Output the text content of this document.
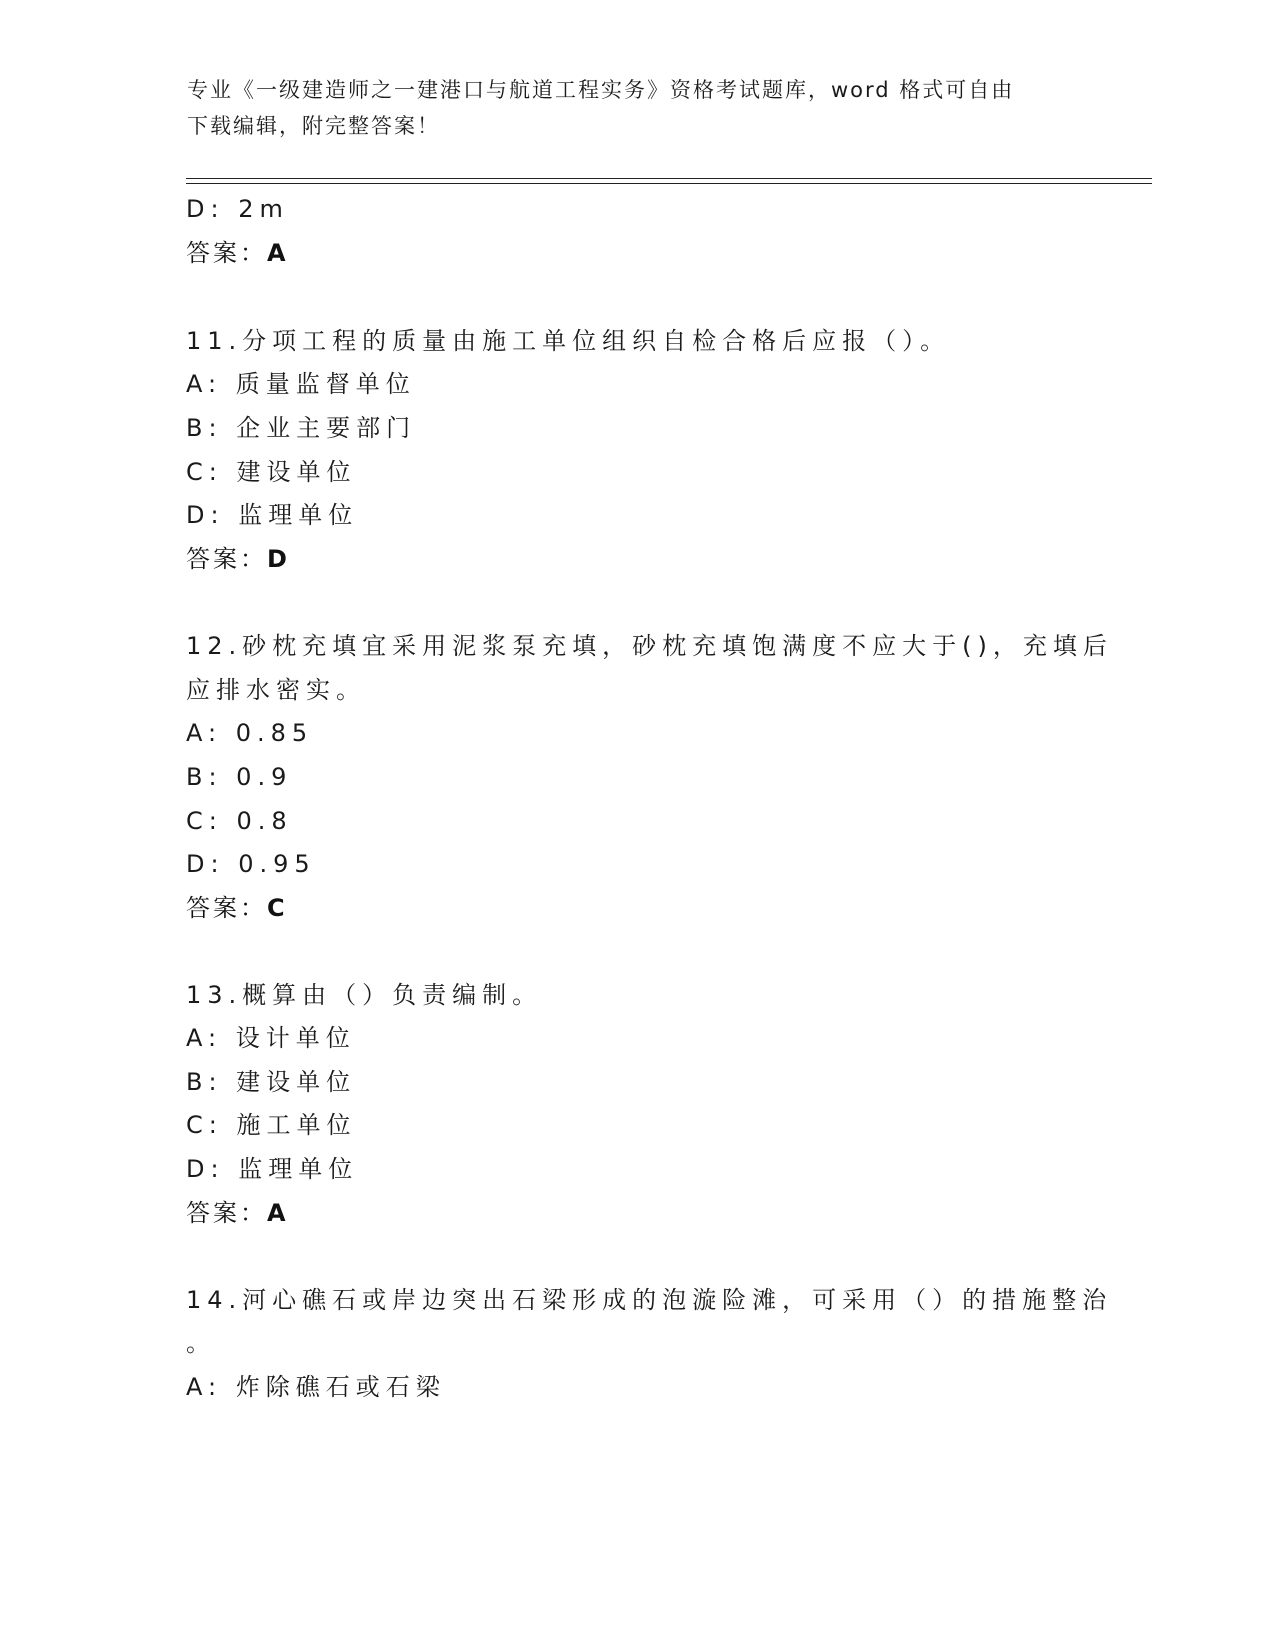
专业《一级建造师之一建港口与航道工程实务》资格考试题库，word 格式可自由
下载编辑，附完整答案！
D: 2m
答案：A
11.分项工程的质量由施工单位组织自检合格后应报（）。
A: 质量监督单位
B: 企业主要部门
C: 建设单位
D: 监理单位
答案：D
12.砂枕充填宜采用泥浆泵充填，砂枕充填饱满度不应大于()，充填后
应排水密实。
A: 0.85
B: 0.9
C: 0.8
D: 0.95
答案：C
13.概算由（）负责编制。
A: 设计单位
B: 建设单位
C: 施工单位
D: 监理单位
答案：A
14.河心礁石或岸边突出石梁形成的泡漩险滩，可采用（）的措施整治
。
A: 炸除礁石或石梁
